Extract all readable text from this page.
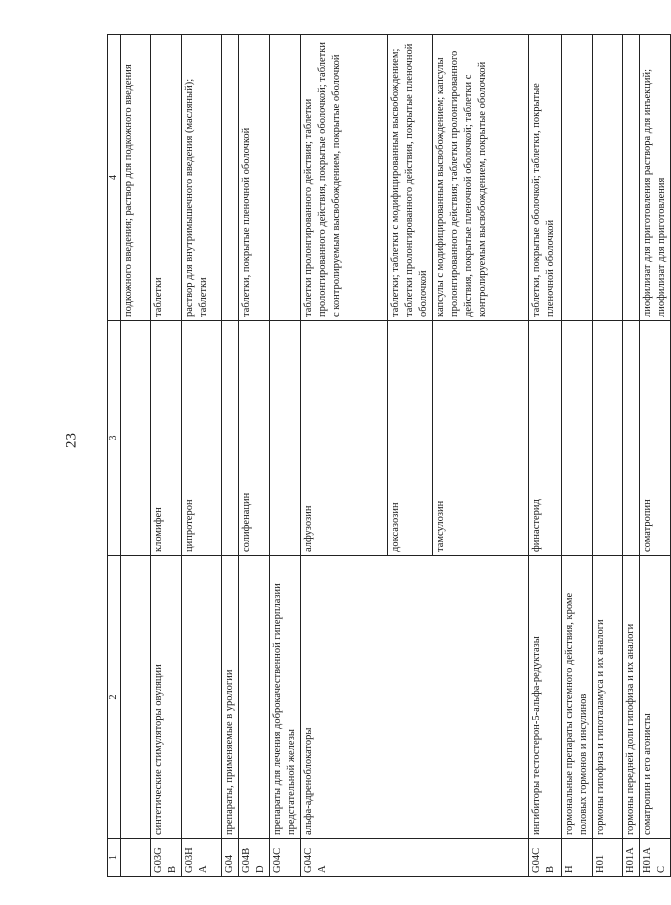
23
1	2	3	4
			подкожного введения; раствор для подкожного введения
G03GB	синтетические стимуляторы овуляции	кломифен	таблетки
G03HA		ципротерон	раствор для внутримышечного введения (масляный); таблетки
G04	препараты, применяемые в урологии		
G04BD		солифенацин	таблетки, покрытые пленочной оболочкой
G04C	препараты для лечения доброкачественной гиперплазии предстательной железы		
G04CA	альфа-адреноблокаторы	алфузозин	таблетки пролонгированного действия; таблетки пролонгированного действия, покрытые оболочкой; таблетки с контролируемым высвобождением, покрытые оболочкой
		доксазозин	таблетки; таблетки с модифицированным высвобождением; таблетки пролонгированного действия, покрытые пленочной оболочкой
		тамсулозин	капсулы с модифицированным высвобождением; капсулы пролонгированного действия; таблетки пролонгированного действия, покрытые пленочной оболочкой; таблетки с контролируемым высвобождением, покрытые оболочкой
G04CB	ингибиторы тестостерон-5-альфа-редуктазы	финастерид	таблетки, покрытые оболочкой; таблетки, покрытые пленочной оболочкой
H	гормональные препараты системного действия, кроме половых гормонов и инсулинов		
H01	гормоны гипофиза и гипоталамуса и их аналоги		
H01A	гормоны передней доли гипофиза и их аналоги		
H01AC	соматропин и его агонисты	соматропин	лиофилизат для приготовления раствора для инъекций; лиофилизат для приготовления
